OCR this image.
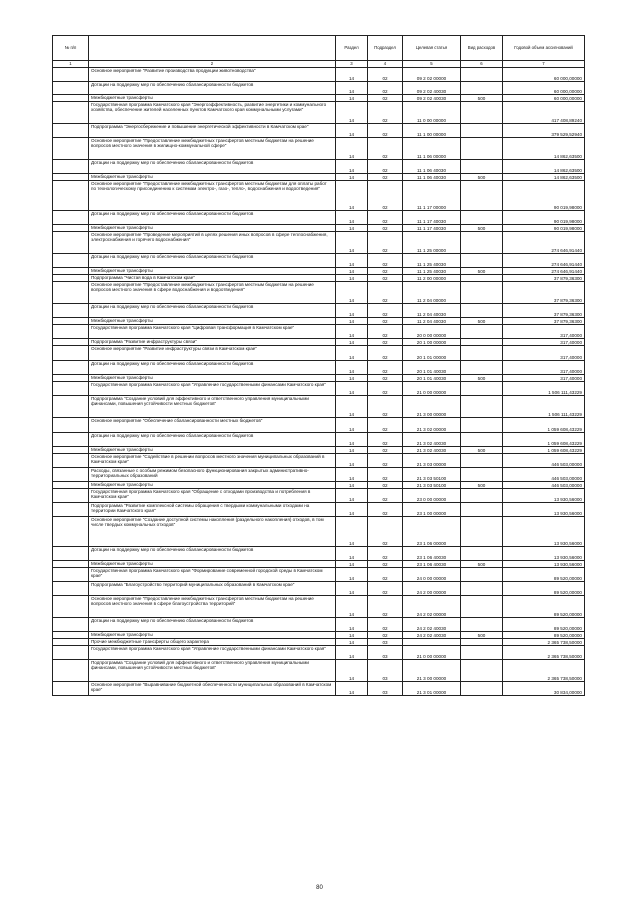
№ п/п		Раздел	Подраздел	Целевая статья	Вид расходов	Годовой объем ассигнований
1	2	3	4	5	6	7
	Основное мероприятие "Развитие производства продукции животноводства"	14	02	09 2 02 00000		60 000,00000
	Дотации на поддержку мер по обеспечению сбалансированности бюджетов	14	02	09 2 02 40030		60 000,00000
	Межбюджетные трансферты	14	02	09 2 02 40030	500	60 000,00000
	Государственная программа Камчатского края "Энергоэффективность, развитие энергетики и коммунального хозяйства, обеспечение жителей населенных пунктов Камчатского края коммунальными услугами"	14	02	11 0 00 00000		417 408,89240
	Подпрограмма "Энергосбережение и повышение энергетической эффективности в Камчатском крае"	14	02	11 1 00 00000		379 529,52940
	Основное мероприятие "Предоставление межбюджетных трансфертов местным бюджетам на решение вопросов местного значения в жилищно-коммунальной сфере"	14	02	11 1 06 00000		14 862,63500
	Дотации на поддержку мер по обеспечению сбалансированности бюджетов	14	02	11 1 06 40030		14 862,63500
	Межбюджетные трансферты	14	02	11 1 06 40030	500	14 862,63500
	Основное мероприятие "Предоставление межбюджетных трансфертов местным бюджетам для оплаты работ по технологическому присоединению к системам электро-, газо-, тепло-, водоснабжения и водоотведения"	14	02	11 1 17 00000		90 019,98000
	Дотации на поддержку мер по обеспечению сбалансированности бюджетов	14	02	11 1 17 40030		90 019,98000
	Межбюджетные трансферты	14	02	11 1 17 40030	500	90 019,98000
	Основное мероприятие "Проведение мероприятий в целях решения иных вопросов в сфере теплоснабжения, электроснабжения и горячего водоснабжения"	14	02	11 1 25 00000		274 646,91440
	Дотации на поддержку мер по обеспечению сбалансированности бюджетов	14	02	11 1 25 40030		274 646,91440
	Межбюджетные трансферты	14	02	11 1 25 40030	500	274 646,91440
	Подпрограмма "Чистая вода в Камчатском крае"	14	02	11 2 00 00000		37 879,36300
	Основное мероприятие "Предоставление межбюджетных трансфертов местным бюджетам на решение вопросов местного значения в сфере водоснабжения и водоотведения"	14	02	11 2 04 00000		37 879,36300
	Дотации на поддержку мер по обеспечению сбалансированности бюджетов	14	02	11 2 04 40030		37 879,36300
	Межбюджетные трансферты	14	02	11 2 04 40030	500	37 879,36300
	Государственная программа Камчатского края "Цифровая трансформация в Камчатском крае"	14	02	20 0 00 00000		317,40000
	Подпрограмма "Развитие инфраструктуры связи"	14	02	20 1 00 00000		317,40000
	Основное мероприятие "Развитие инфраструктуры связи в Камчатском крае"	14	02	20 1 01 00000		317,40000
	Дотации на поддержку мер по обеспечению сбалансированности бюджетов	14	02	20 1 01 40030		317,40000
	Межбюджетные трансферты	14	02	20 1 01 40030	500	317,40000
	Государственная программа Камчатского края "Управление государственными финансами Камчатского края"	14	02	21 0 00 00000		1 506 111,43229
	Подпрограмма "Создание условий для эффективного и ответственного управления муниципальными финансами, повышения устойчивости местных бюджетов"	14	02	21 3 00 00000		1 506 111,43229
	Основное мероприятие "Обеспечение сбалансированности местных бюджетов"	14	02	21 3 02 00000		1 059 608,43229
	Дотации на поддержку мер по обеспечению сбалансированности бюджетов	14	02	21 3 02 40030		1 059 608,43229
	Межбюджетные трансферты	14	02	21 3 02 40030	500	1 059 608,43229
	Основное мероприятие "Содействие в решении вопросов местного значения муниципальных образований в Камчатском крае"	14	02	21 3 03 00000		446 503,00000
	Расходы, связанные с особым режимом безопасного функционирования закрытых административно-территориальных образований	14	02	21 3 03 50100		446 503,00000
	Межбюджетные трансферты	14	02	21 3 03 50100	500	446 503,00000
	Государственная программа Камчатского края "Обращение с отходами производства и потребления в Камчатском крае"	14	02	23 0 00 00000		13 930,56000
	Подпрограмма "Развитие комплексной системы обращения с твердыми коммунальными отходами на территории Камчатского края"	14	02	23 1 00 00000		13 930,56000
	Основное мероприятие "Создание доступной системы накопления (раздельного накопления) отходов, в том числе твердых коммунальных отходов"	14	02	23 1 06 00000		13 930,56000
	Дотации на поддержку мер по обеспечению сбалансированности бюджетов	14	02	23 1 06 40030		13 930,56000
	Межбюджетные трансферты	14	02	23 1 06 40030	500	13 930,56000
	Государственная программа Камчатского края "Формирование современной городской среды в Камчатском крае"	14	02	24 0 00 00000		89 520,00000
	Подпрограмма "Благоустройство территорий муниципальных образований в Камчатском крае"	14	02	24 2 00 00000		89 520,00000
	Основное мероприятие "Предоставление межбюджетных трансфертов местным бюджетам на решение вопросов местного значения в сфере благоустройства территорий"	14	02	24 2 02 00000		89 520,00000
	Дотации на поддержку мер по обеспечению сбалансированности бюджетов	14	02	24 2 02 40030		89 520,00000
	Межбюджетные трансферты	14	02	24 2 02 40030	500	89 520,00000
	Прочие межбюджетные трансферты общего характера	14	03			2 365 738,50000
	Государственная программа Камчатского края "Управление государственными финансами Камчатского края"	14	03	21 0 00 00000		2 365 738,50000
	Подпрограмма "Создание условий для эффективного и ответственного управления муниципальными финансами, повышения устойчивости местных бюджетов"	14	03	21 3 00 00000		2 365 738,50000
	Основное мероприятие "Выравнивание бюджетной обеспеченности муниципальных образований в Камчатском крае"	14	03	21 3 01 00000		30 834,00000
80
